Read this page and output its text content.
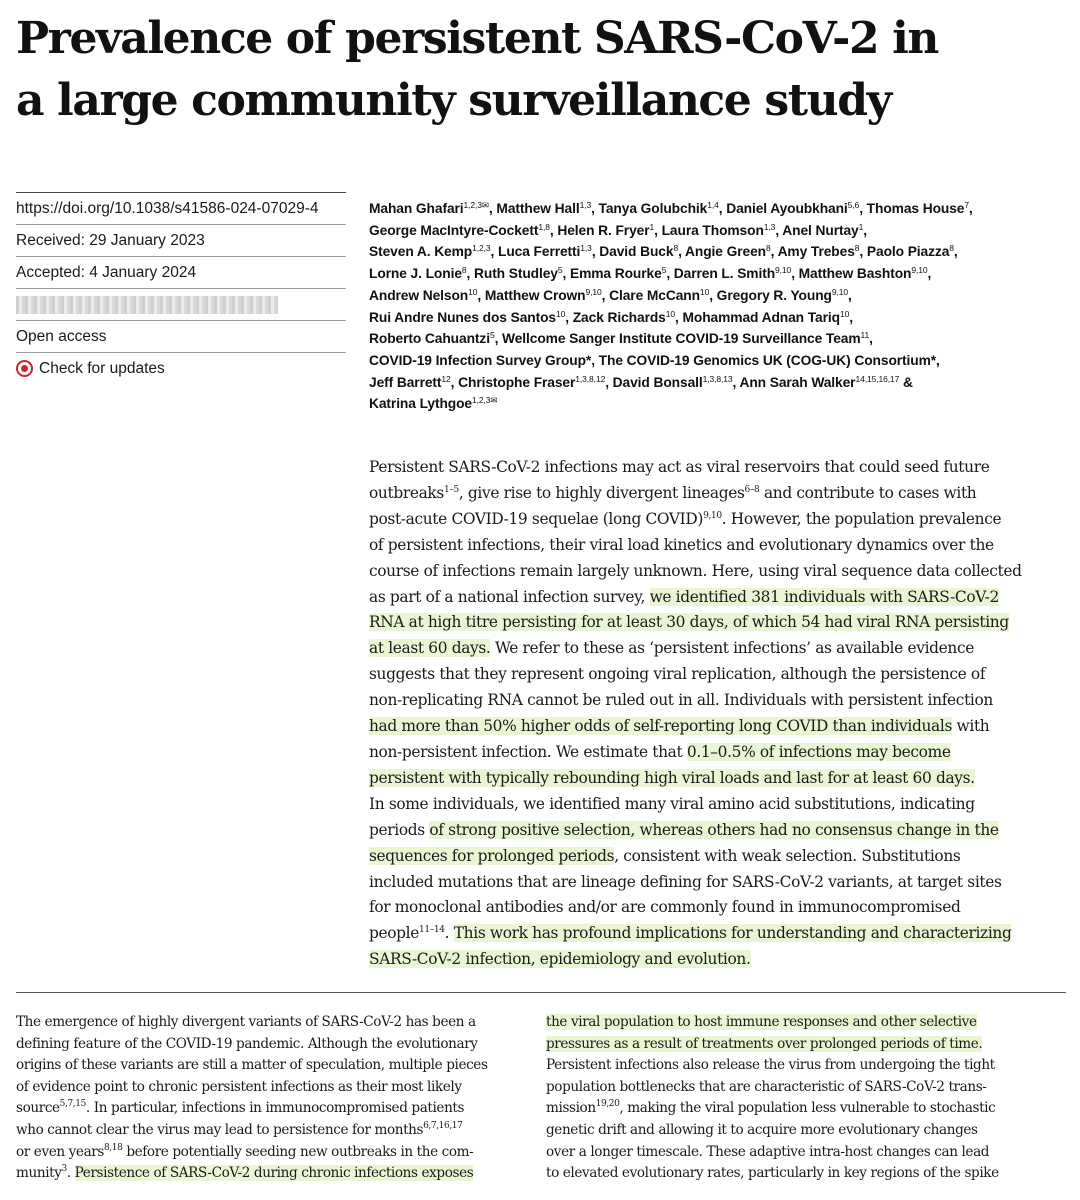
Prevalence of persistent SARS-CoV-2 in
a large community surveillance study
https://doi.org/10.1038/s41586-024-07029-4
Received: 29 January 2023
Accepted: 4 January 2024
Open access
Check for updates
Mahan Ghafari$^{1,2,3✉}$, Matthew Hall$^{1,3}$, Tanya Golubchik$^{1,4}$, Daniel Ayoubkhani$^{5,6}$, Thomas House$^7$,
George MacIntyre-Cockett$^{1,8}$, Helen R. Fryer$^1$, Laura Thomson$^{1,3}$, Anel Nurtay$^1$,
Steven A. Kemp$^{1,2,3}$, Luca Ferretti$^{1,3}$, David Buck$^8$, Angie Green$^8$, Amy Trebes$^8$, Paolo Piazza$^8$,
Lorne J. Lonie$^8$, Ruth Studley$^5$, Emma Rourke$^5$, Darren L. Smith$^{9,10}$, Matthew Bashton$^{9,10}$,
Andrew Nelson$^{10}$, Matthew Crown$^{9,10}$, Clare McCann$^{10}$, Gregory R. Young$^{9,10}$,
Rui Andre Nunes dos Santos$^{10}$, Zack Richards$^{10}$, Mohammad Adnan Tariq$^{10}$,
Roberto Cahuantzi$^5$, Wellcome Sanger Institute COVID-19 Surveillance Team$^{11}$,
COVID-19 Infection Survey Group*, The COVID-19 Genomics UK (COG-UK) Consortium*,
Jeff Barrett$^{12}$, Christophe Fraser$^{1,3,8,12}$, David Bonsall$^{1,3,8,13}$, Ann Sarah Walker$^{14,15,16,17}$ &
Katrina Lythgoe$^{1,2,3✉}$
Persistent SARS-CoV-2 infections may act as viral reservoirs that could seed future
outbreaks$^{1-5}$, give rise to highly divergent lineages$^{6-8}$ and contribute to cases with
post-acute COVID-19 sequelae (long COVID)$^{9,10}$. However, the population prevalence
of persistent infections, their viral load kinetics and evolutionary dynamics over the
course of infections remain largely unknown. Here, using viral sequence data collected
as part of a national infection survey, we identified 381 individuals with SARS-CoV-2
RNA at high titre persisting for at least 30 days, of which 54 had viral RNA persisting
at least 60 days. We refer to these as ‘persistent infections’ as available evidence
suggests that they represent ongoing viral replication, although the persistence of
non-replicating RNA cannot be ruled out in all. Individuals with persistent infection
had more than 50% higher odds of self-reporting long COVID than individuals with
non-persistent infection. We estimate that 0.1–0.5% of infections may become
persistent with typically rebounding high viral loads and last for at least 60 days.
In some individuals, we identified many viral amino acid substitutions, indicating
periods of strong positive selection, whereas others had no consensus change in the
sequences for prolonged periods, consistent with weak selection. Substitutions
included mutations that are lineage defining for SARS-CoV-2 variants, at target sites
for monoclonal antibodies and/or are commonly found in immunocompromised
people$^{11-14}$. This work has profound implications for understanding and characterizing
SARS-CoV-2 infection, epidemiology and evolution.
The emergence of highly divergent variants of SARS-CoV-2 has been a
defining feature of the COVID-19 pandemic. Although the evolutionary
origins of these variants are still a matter of speculation, multiple pieces
of evidence point to chronic persistent infections as their most likely
source$^{5,7,15}$. In particular, infections in immunocompromised patients
who cannot clear the virus may lead to persistence for months$^{6,7,16,17}$
or even years$^{8,18}$ before potentially seeding new outbreaks in the com-
munity$^3$. Persistence of SARS-CoV-2 during chronic infections exposes
the viral population to host immune responses and other selective
pressures as a result of treatments over prolonged periods of time.
Persistent infections also release the virus from undergoing the tight
population bottlenecks that are characteristic of SARS-CoV-2 trans-
mission$^{19,20}$, making the viral population less vulnerable to stochastic
genetic drift and allowing it to acquire more evolutionary changes
over a longer timescale. These adaptive intra-host changes can lead
to elevated evolutionary rates, particularly in key regions of the spike
